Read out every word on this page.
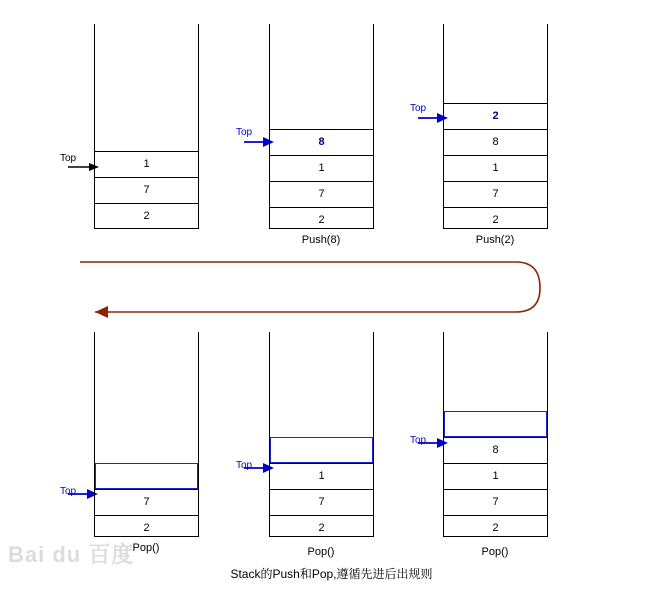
1
7
2
Top
8
1
7
2
Top
Push(8)
2
8
1
7
2
Top
Push(2)
8
1
7
2
Top
Pop()
1
7
2
Top
Pop()
7
2
Top
Pop()
Bai du 百度
Stack的Push和Pop,遵循先进后出规则
